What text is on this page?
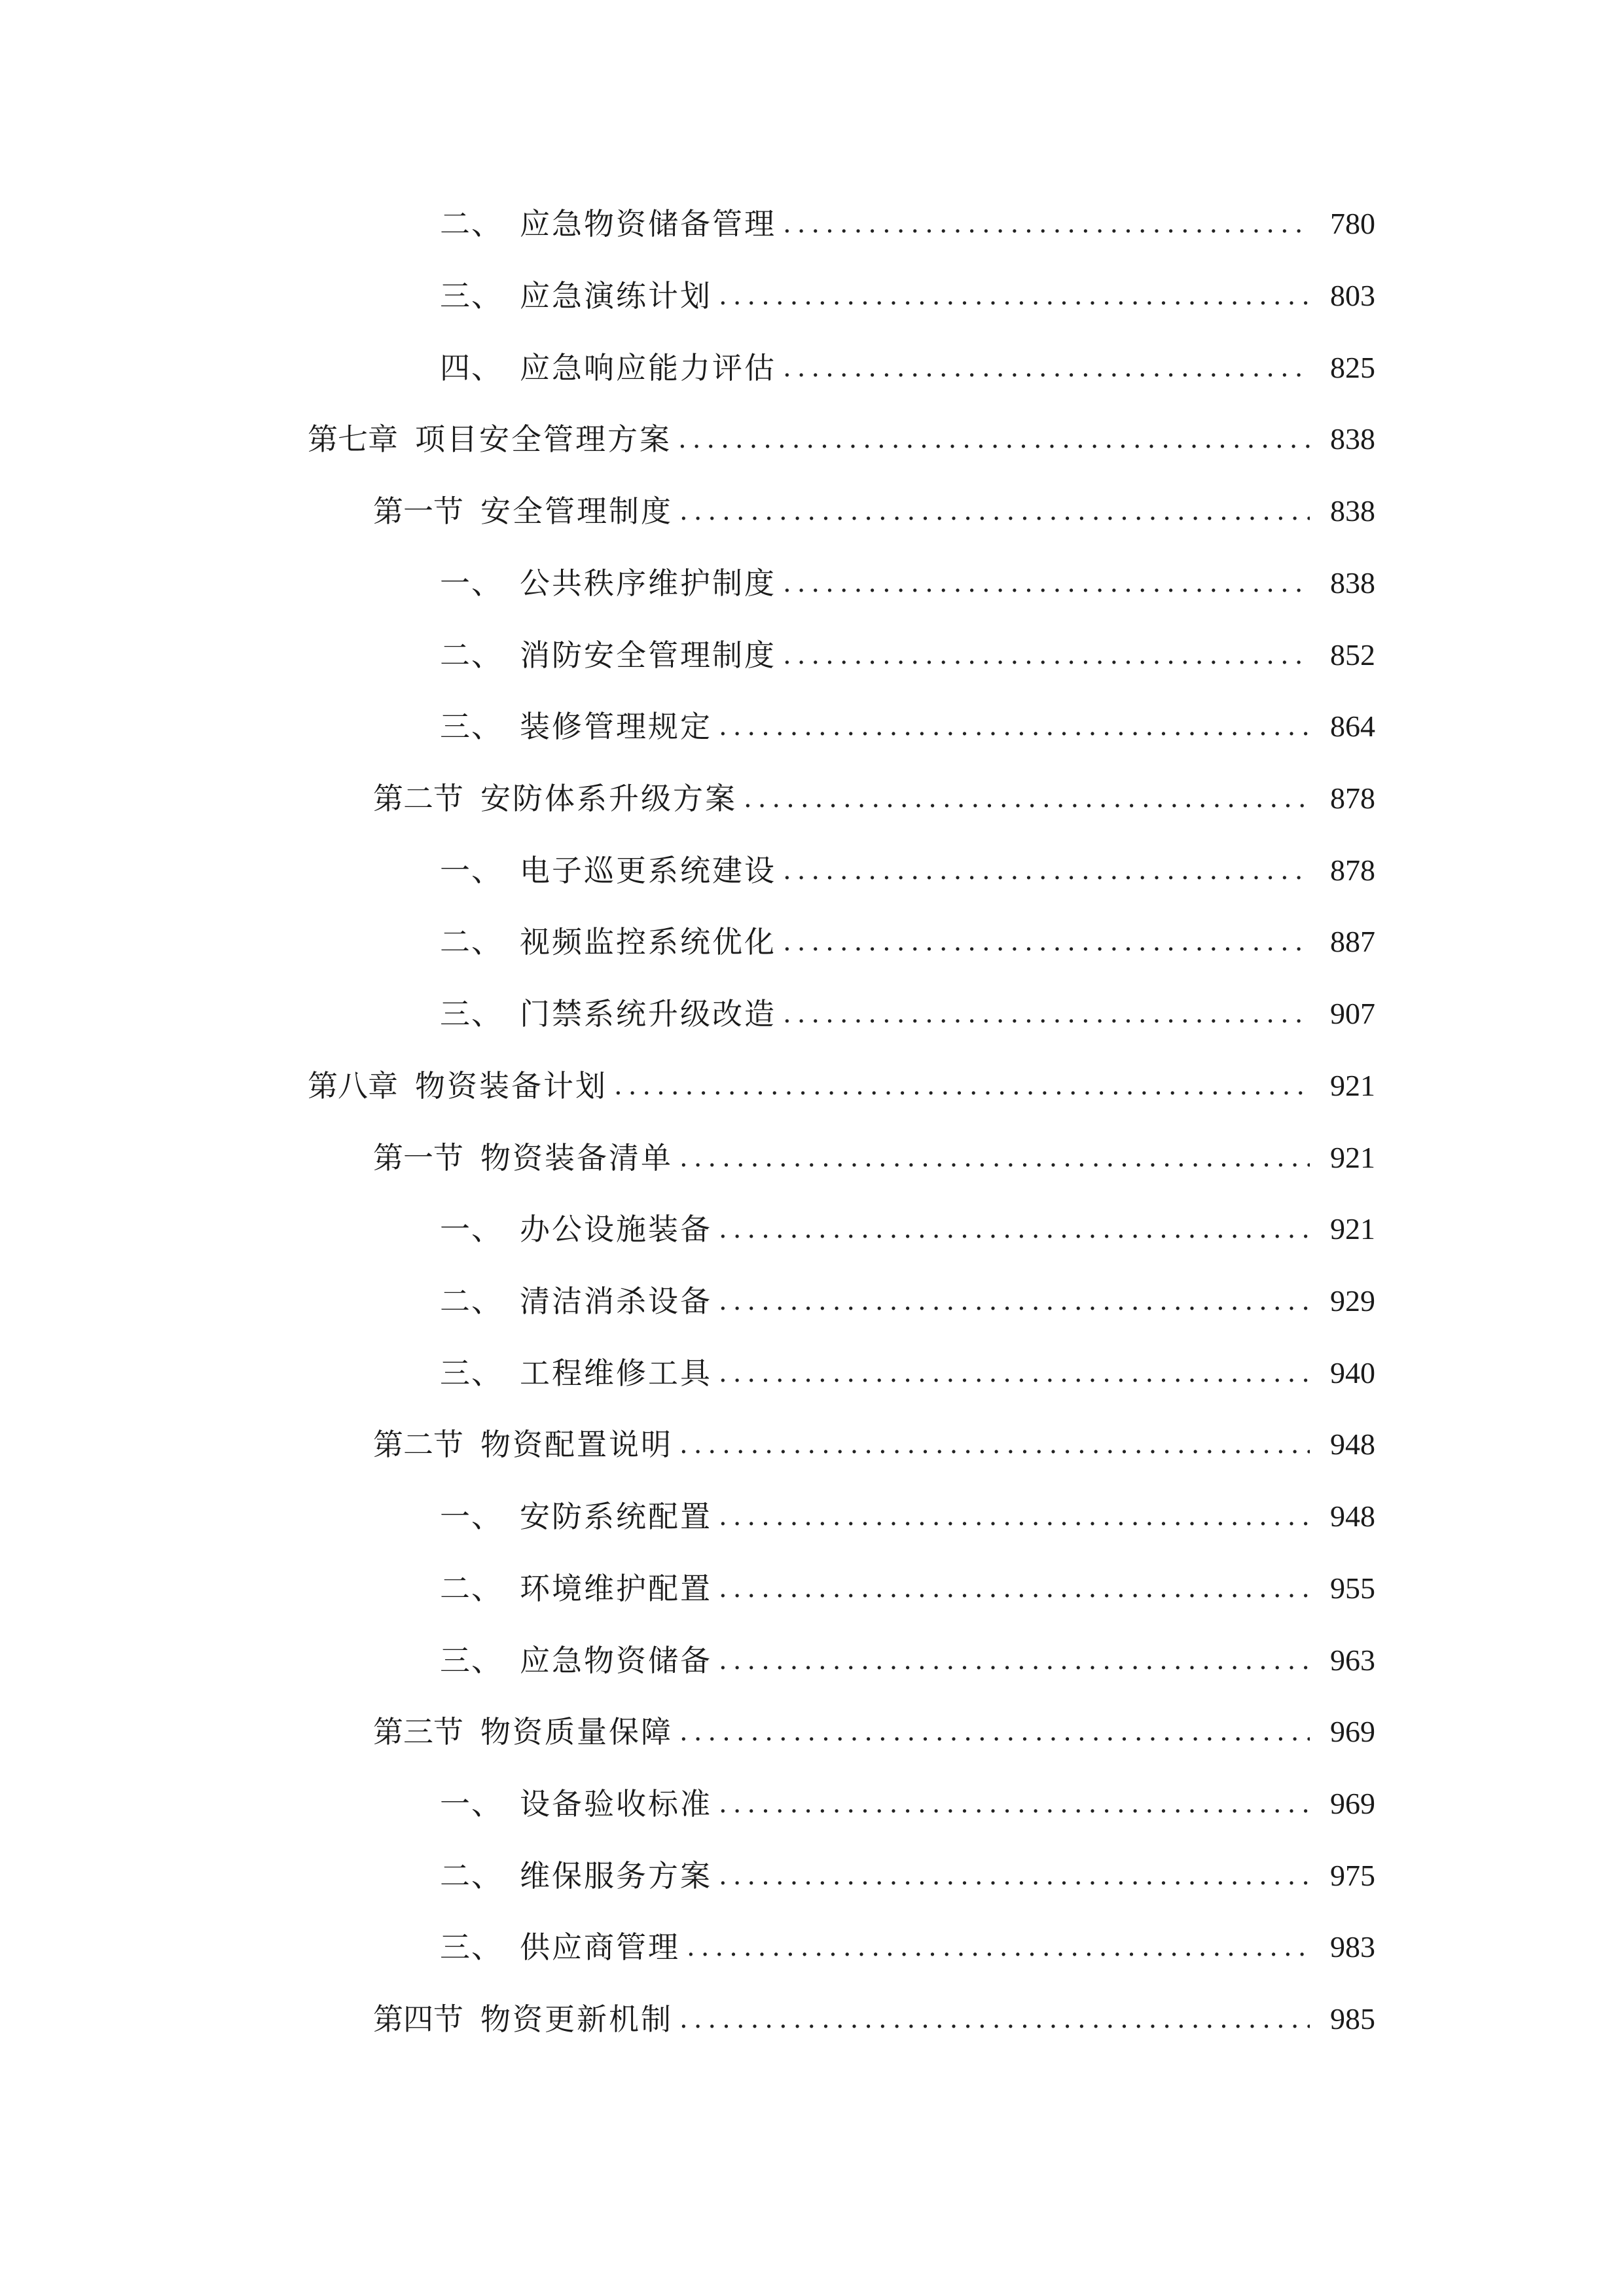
二、 应急物资储备管理 .....	780
三、 应急演练计划 .....	803
四、 应急响应能力评估 .....	825
第七章 项目安全管理方案 .....	838
第一节 安全管理制度 .....	838
一、 公共秩序维护制度 .....	838
二、 消防安全管理制度 .....	852
三、 装修管理规定 .....	864
第二节 安防体系升级方案 .....	878
一、 电子巡更系统建设 .....	878
二、 视频监控系统优化 .....	887
三、 门禁系统升级改造 .....	907
第八章 物资装备计划 .....	921
第一节 物资装备清单 .....	921
一、 办公设施装备 .....	921
二、 清洁消杀设备 .....	929
三、 工程维修工具 .....	940
第二节 物资配置说明 .....	948
一、 安防系统配置 .....	948
二、 环境维护配置 .....	955
三、 应急物资储备 .....	963
第三节 物资质量保障 .....	969
一、 设备验收标准 .....	969
二、 维保服务方案 .....	975
三、 供应商管理 .....	983
第四节 物资更新机制 .....	985
